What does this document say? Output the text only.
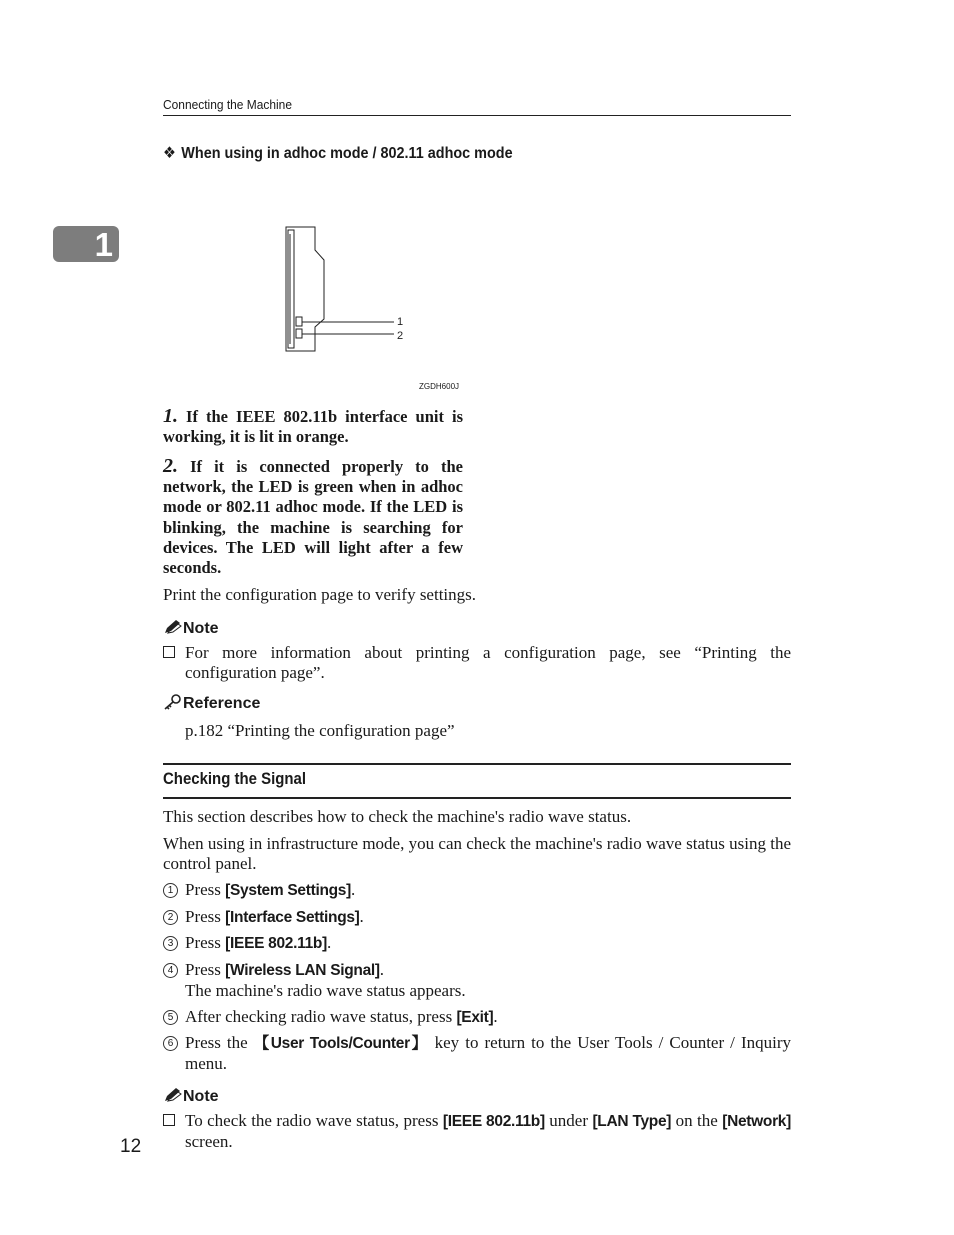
Connecting the Machine
1
❖ When using in adhoc mode / 802.11 adhoc mode
1
2
ZGDH600J
1. If the IEEE 802.11b interface unit is working, it is lit in orange.
2. If it is connected properly to the network, the LED is green when in adhoc mode or 802.11 adhoc mode. If the LED is blinking, the machine is searching for devices. The LED will light after a few seconds.
Print the configuration page to verify settings.
Note
For more information about printing a configuration page, see “Printing the configuration page”.
Reference
p.182 “Printing the configuration page”
Checking the Signal
This section describes how to check the machine's radio wave status.
When using in infrastructure mode, you can check the machine's radio wave status using the control panel.
1 Press [System Settings].
2 Press [Interface Settings].
3 Press [IEEE 802.11b].
4 Press [Wireless LAN Signal].
The machine's radio wave status appears.
5 After checking radio wave status, press [Exit].
6 Press the 【User Tools/Counter】 key to return to the User Tools / Counter / Inquiry menu.
Note
To check the radio wave status, press [IEEE 802.11b] under [LAN Type] on the [Network] screen.
12
